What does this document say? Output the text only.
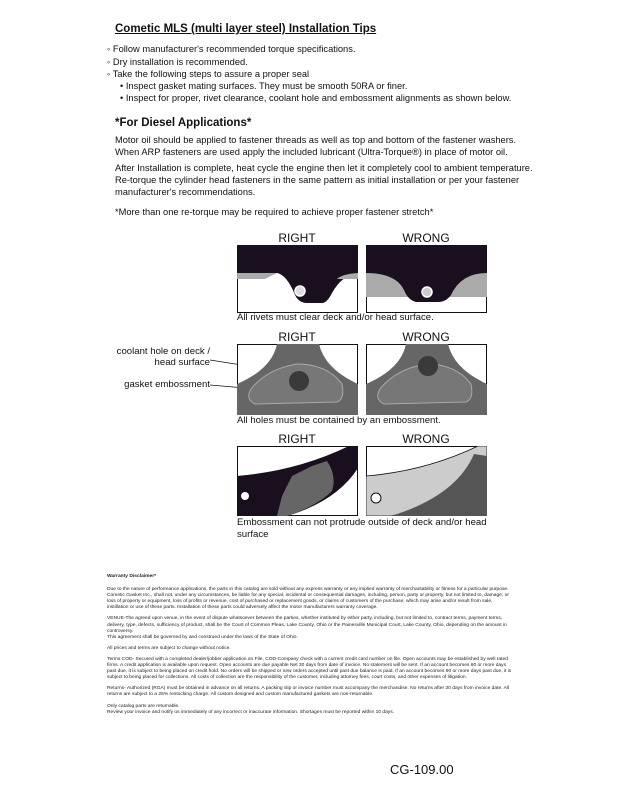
Cometic MLS (multi layer steel) Installation Tips
◦ Follow manufacturer's recommended torque specifications.
◦ Dry installation is recommended.
◦ Take the following steps to assure a proper seal
• Inspect gasket mating surfaces. They must be smooth 50RA or finer.
• Inspect for proper, rivet clearance, coolant hole and embossment alignments as shown below.
*For Diesel Applications*
Motor oil should be applied to fastener threads as well as top and bottom of the fastener washers. When ARP fasteners are used apply the included lubricant (Ultra-Torque®) in place of motor oil.
After Installation is complete, heat cycle the engine then let it completely cool to ambient temperature. Re-torque the cylinder head fasteners in the same pattern as initial installation or per your fastener manufacturer's recommendations.
*More than one re-torque may be required to achieve proper fastener stretch*
RIGHT	WRONG
All rivets must clear deck and/or head surface.
RIGHT	WRONG
coolant hole on deck / head surface
gasket embossment
All holes must be contained by an embossment.
RIGHT	WRONG
Embossment can not protrude outside of deck and/or head surface

Warranty Disclaimer*

Due to the nature of performance applications, the parts in this catalog are sold without any express warranty or any implied warranty of merchantability or fitness for a particular purpose. Cometic Gasket Inc., shall not, under any circumstances, be liable for any special, incidental or consequential damages, including, person, party or property, but not limited to, damage, or loss of property or equipment, loss of profits or revenue, cost of purchased or replacement goods, or claims of customers of the purchase, which may arise and/or result from sale, instillation or use of these parts. Installation of these parts could adversely affect the motor manufacturers warranty coverage.

VENUE-The agreed upon venue, in the event of dispute whatsoever between the parties, whether instituted by either party, including, but not limited to, contract terms, payment terms, delivery, type, defects, sufficiency of product, shall be the Court of Common Pleas, Lake County, Ohio or the Painesville Municipal Court, Lake County, Ohio, depending on the amount in controversy.

This agreement shall be governed by and construed under the laws of the State of Ohio.

All prices and terms are subject to change without notice.

Terms COD- Secured with a completed dealer/jobber application on File, COD-Company check with a current credit card number on file. Open accounts may be established by well rated firms. A credit application is available upon request. Open accounts are due payable Net 30 days from date of invoice. No statement will be sent. If an account becomes 60 or more days past due, it is subject to being placed on credit hold. No orders will be shipped or new orders accepted until past due balance is paid. If an account becomes 90 or more days past due, it is subject to being placed for collections. All costs of collection are the responsibility of the customer, including attorney fees, court costs, and other expenses of litigation.

Returns- Authorized (RGA) must be obtained in advance on all returns. A packing slip or invoice number must accompany the merchandise. No returns after 30 days from invoice date. All returns are subject to a 25% restocking charge. All custom designed and custom manufactured gaskets are non-returnable.

Only catalog parts are returnable.

Review your invoice and notify us immediately of any incorrect or inaccurate information. Shortages must be reported within 10 days.

CG-109.00
